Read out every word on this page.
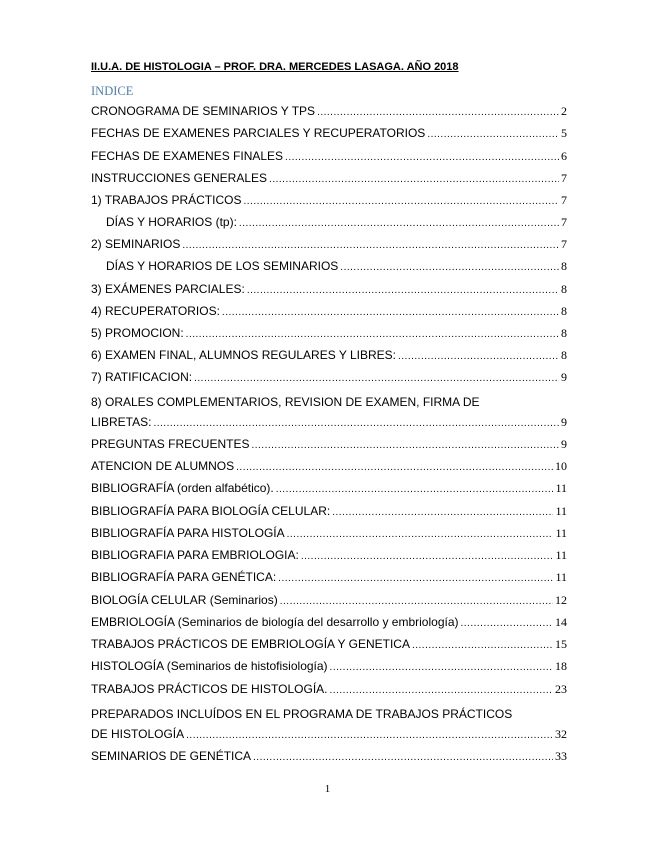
II.U.A. DE HISTOLOGIA – PROF. DRA. MERCEDES LASAGA. AÑO 2018
INDICE
CRONOGRAMA DE SEMINARIOS Y TPS .....	2
FECHAS DE EXAMENES PARCIALES Y RECUPERATORIOS .....	5
FECHAS DE EXAMENES FINALES .....	6
INSTRUCCIONES GENERALES .....	7
1) TRABAJOS PRÁCTICOS .....	7
DÍAS Y HORARIOS (tp): .....	7
2) SEMINARIOS .....	7
DÍAS Y HORARIOS DE LOS SEMINARIOS .....	8
3) EXÁMENES PARCIALES: .....	8
4) RECUPERATORIOS: .....	8
5) PROMOCION: .....	8
6) EXAMEN FINAL, ALUMNOS REGULARES Y LIBRES: .....	8
7) RATIFICACION: .....	9
8) ORALES COMPLEMENTARIOS, REVISION DE EXAMEN, FIRMA DE
LIBRETAS: .....	9
PREGUNTAS FRECUENTES .....	9
ATENCION DE ALUMNOS .....	10
BIBLIOGRAFÍA (orden alfabético). .....	11
BIBLIOGRAFÍA PARA BIOLOGÍA CELULAR: .....	11
BIBLIOGRAFÍA PARA HISTOLOGÍA .....	11
BIBLIOGRAFIA PARA EMBRIOLOGIA: .....	11
BIBLIOGRAFÍA PARA GENÉTICA: .....	11
BIOLOGÍA CELULAR (Seminarios) .....	12
EMBRIOLOGÍA (Seminarios de biología del desarrollo y embriología) .....	14
TRABAJOS PRÁCTICOS DE EMBRIOLOGÍA Y GENETICA .....	15
HISTOLOGÍA (Seminarios de histofisiología) .....	18
TRABAJOS PRÁCTICOS DE HISTOLOGÍA. .....	23
PREPARADOS INCLUÍDOS EN EL PROGRAMA DE TRABAJOS PRÁCTICOS
DE HISTOLOGÍA .....	32
SEMINARIOS DE GENÉTICA .....	33
1
